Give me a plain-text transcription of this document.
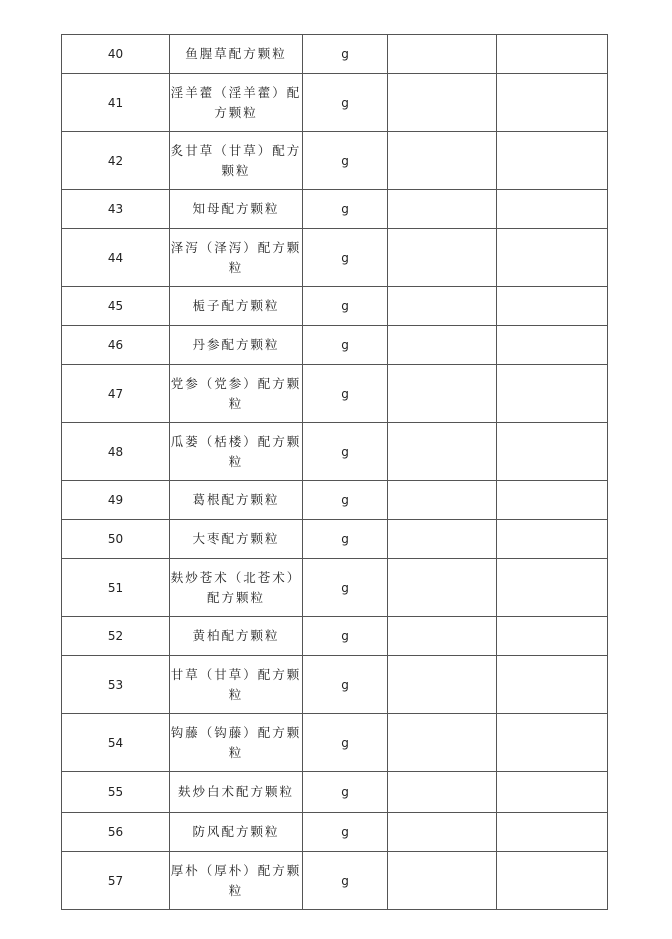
40	鱼腥草配方颗粒	g		
41	淫羊藿（淫羊藿）配方颗粒	g		
42	炙甘草（甘草）配方颗粒	g		
43	知母配方颗粒	g		
44	泽泻（泽泻）配方颗粒	g		
45	栀子配方颗粒	g		
46	丹参配方颗粒	g		
47	党参（党参）配方颗粒	g		
48	瓜蒌（栝楼）配方颗粒	g		
49	葛根配方颗粒	g		
50	大枣配方颗粒	g		
51	麸炒苍术（北苍术）配方颗粒	g		
52	黄柏配方颗粒	g		
53	甘草（甘草）配方颗粒	g		
54	钩藤（钩藤）配方颗粒	g		
55	麸炒白术配方颗粒	g		
56	防风配方颗粒	g		
57	厚朴（厚朴）配方颗粒	g		
